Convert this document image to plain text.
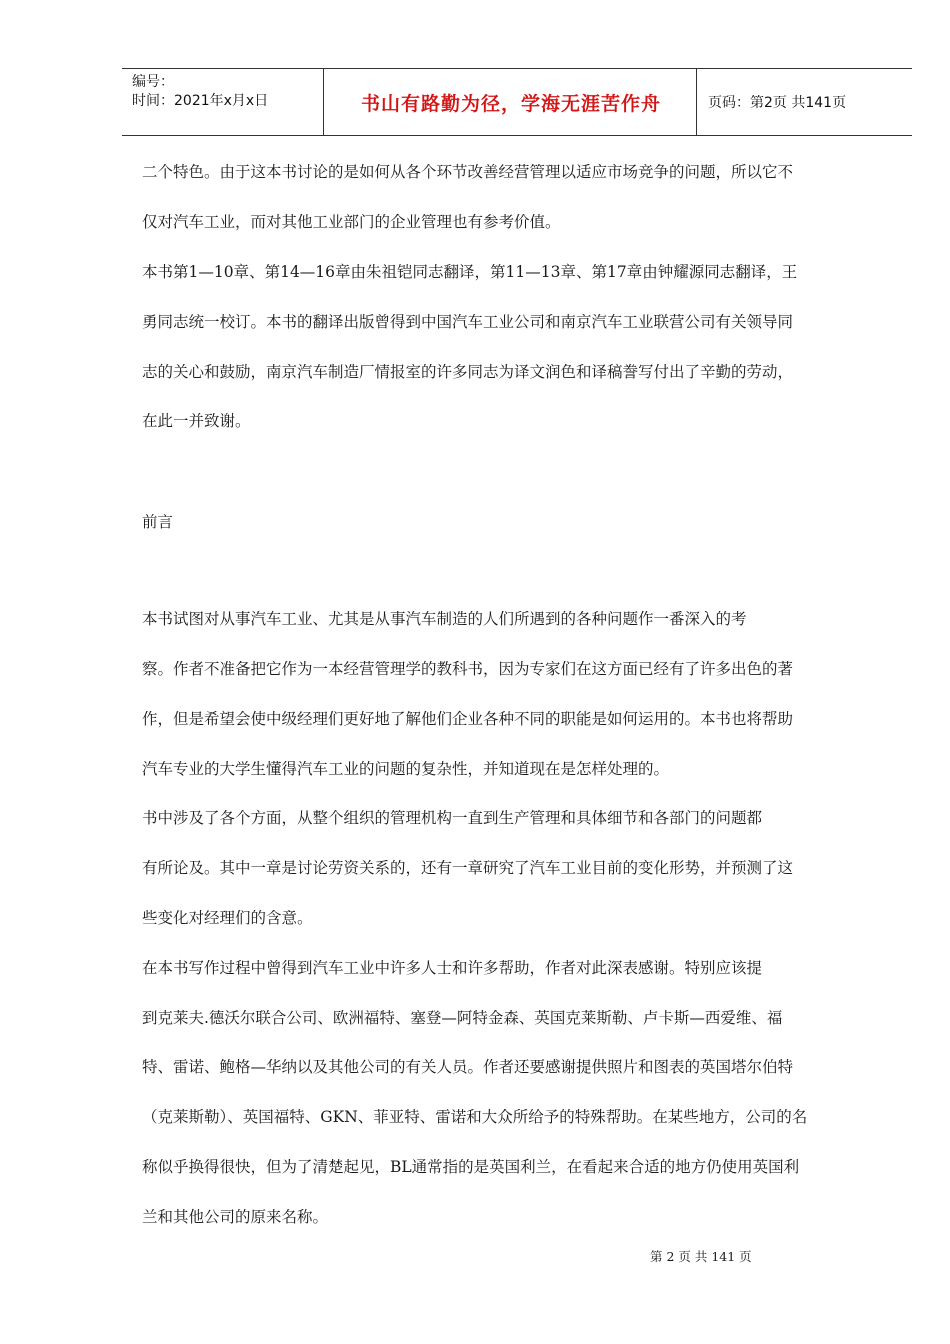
编号：
时间：2021年x月x日	书山有路勤为径，学海无涯苦作舟	页码：第2页 共141页
二个特色。由于这本书讨论的是如何从各个环节改善经营管理以适应市场竞争的问题，所以它不
仅对汽车工业，而对其他工业部门的企业管理也有参考价值。
本书第1—10章、第14—16章由朱祖铠同志翻译，第11—13章、第17章由钟耀源同志翻译，王
勇同志统一校订。本书的翻译出版曾得到中国汽车工业公司和南京汽车工业联营公司有关领导同
志的关心和鼓励，南京汽车制造厂情报室的许多同志为译文润色和译稿誊写付出了辛勤的劳动，
在此一并致谢。
前言
本书试图对从事汽车工业、尤其是从事汽车制造的人们所遇到的各种问题作一番深入的考
察。作者不准备把它作为一本经营管理学的教科书，因为专家们在这方面已经有了许多出色的著
作，但是希望会使中级经理们更好地了解他们企业各种不同的职能是如何运用的。本书也将帮助
汽车专业的大学生懂得汽车工业的问题的复杂性，并知道现在是怎样处理的。
书中涉及了各个方面，从整个组织的管理机构一直到生产管理和具体细节和各部门的问题都
有所论及。其中一章是讨论劳资关系的，还有一章研究了汽车工业目前的变化形势，并预测了这
些变化对经理们的含意。
在本书写作过程中曾得到汽车工业中许多人士和许多帮助，作者对此深表感谢。特别应该提
到克莱夫.德沃尔联合公司、欧洲福特、塞登—阿特金森、英国克莱斯勒、卢卡斯—西爱维、福
特、雷诺、鲍格—华纳以及其他公司的有关人员。作者还要感谢提供照片和图表的英国塔尔伯特
（克莱斯勒）、英国福特、GKN、菲亚特、雷诺和大众所给予的特殊帮助。在某些地方，公司的名
称似乎换得很快，但为了清楚起见，BL通常指的是英国利兰，在看起来合适的地方仍使用英国利
兰和其他公司的原来名称。
第 2 页 共 141 页
